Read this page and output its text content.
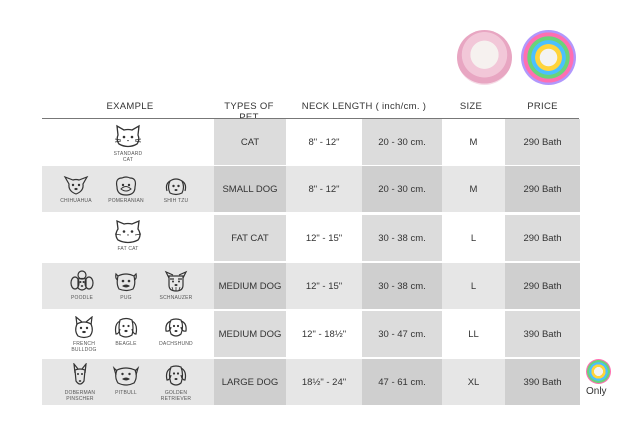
EXAMPLE	TYPES OF	NECK LENGTH ( inch/cm. )	SIZE	PRICE
STANDARD CAT
CAT	8" - 12"	20 - 30 cm.	M	290 Bath
CHIHUAHUA	POMERANIAN	SHIH TZU
SMALL DOG	8" - 12"	20 - 30 cm.	M	290 Bath
FAT CAT
FAT CAT	12" - 15"	30 - 38 cm.	L	290 Bath
POODLE	PUG	SCHNAUZER
MEDIUM DOG	12" - 15"	30 - 38 cm.	L	290 Bath
FRENCH BULLDOG
BEAGLE	DACHSHUND
MEDIUM DOG	12" - 18½"	30 - 47 cm.	LL	390 Bath
DOBERMAN PINSCHER
PITBULL	GOLDEN RETRIEVER
LARGE DOG	18½" - 24"	47 - 61 cm.	XL	390 Bath
Only
